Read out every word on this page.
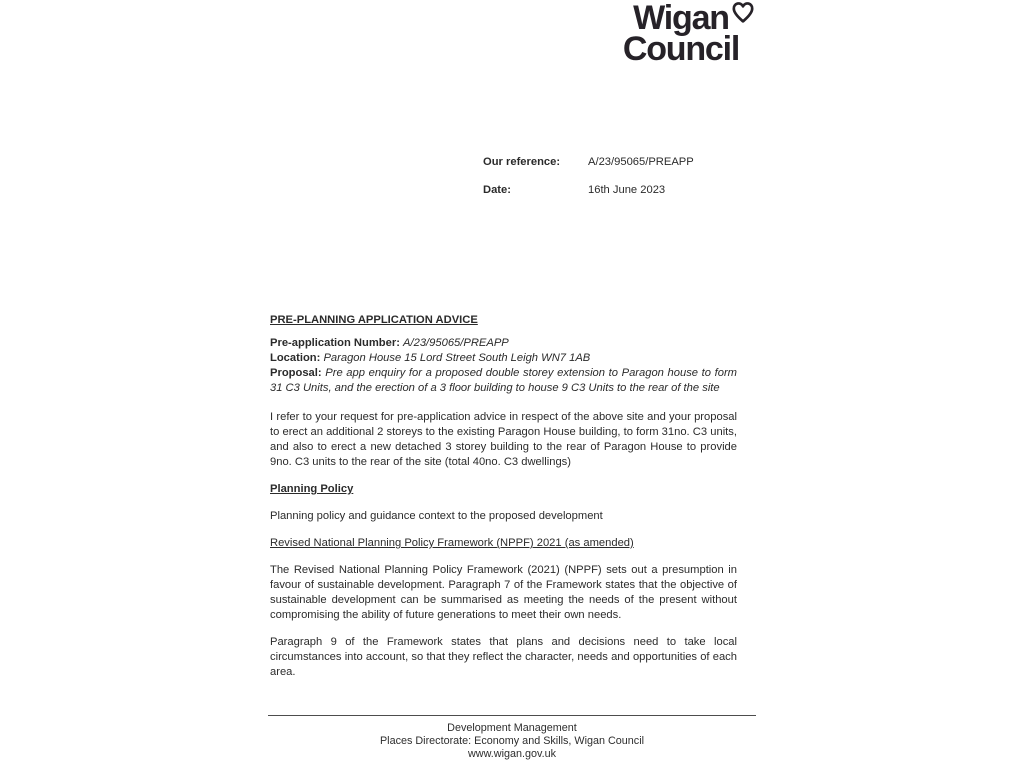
Wigan
Council
Our reference:	A/23/95065/PREAPP
Date:	16th June 2023
PRE-PLANNING APPLICATION ADVICE

Pre-application Number: A/23/95065/PREAPP
Location: Paragon House 15 Lord Street South Leigh WN7 1AB
Proposal: Pre app enquiry for a proposed double storey extension to Paragon house to form 31 C3 Units, and the erection of a 3 floor building to house 9 C3 Units to the rear of the site

I refer to your request for pre-application advice in respect of the above site and your proposal to erect an additional 2 storeys to the existing Paragon House building, to form 31no. C3 units, and also to erect a new detached 3 storey building to the rear of Paragon House to provide 9no. C3 units to the rear of the site (total 40no. C3 dwellings)

Planning Policy

Planning policy and guidance context to the proposed development

Revised National Planning Policy Framework (NPPF) 2021 (as amended)

The Revised National Planning Policy Framework (2021) (NPPF) sets out a presumption in favour of sustainable development. Paragraph 7 of the Framework states that the objective of sustainable development can be summarised as meeting the needs of the present without compromising the ability of future generations to meet their own needs.

Paragraph 9 of the Framework states that plans and decisions need to take local circumstances into account, so that they reflect the character, needs and opportunities of each area.

Development Management
Places Directorate: Economy and Skills, Wigan Council
www.wigan.gov.uk
